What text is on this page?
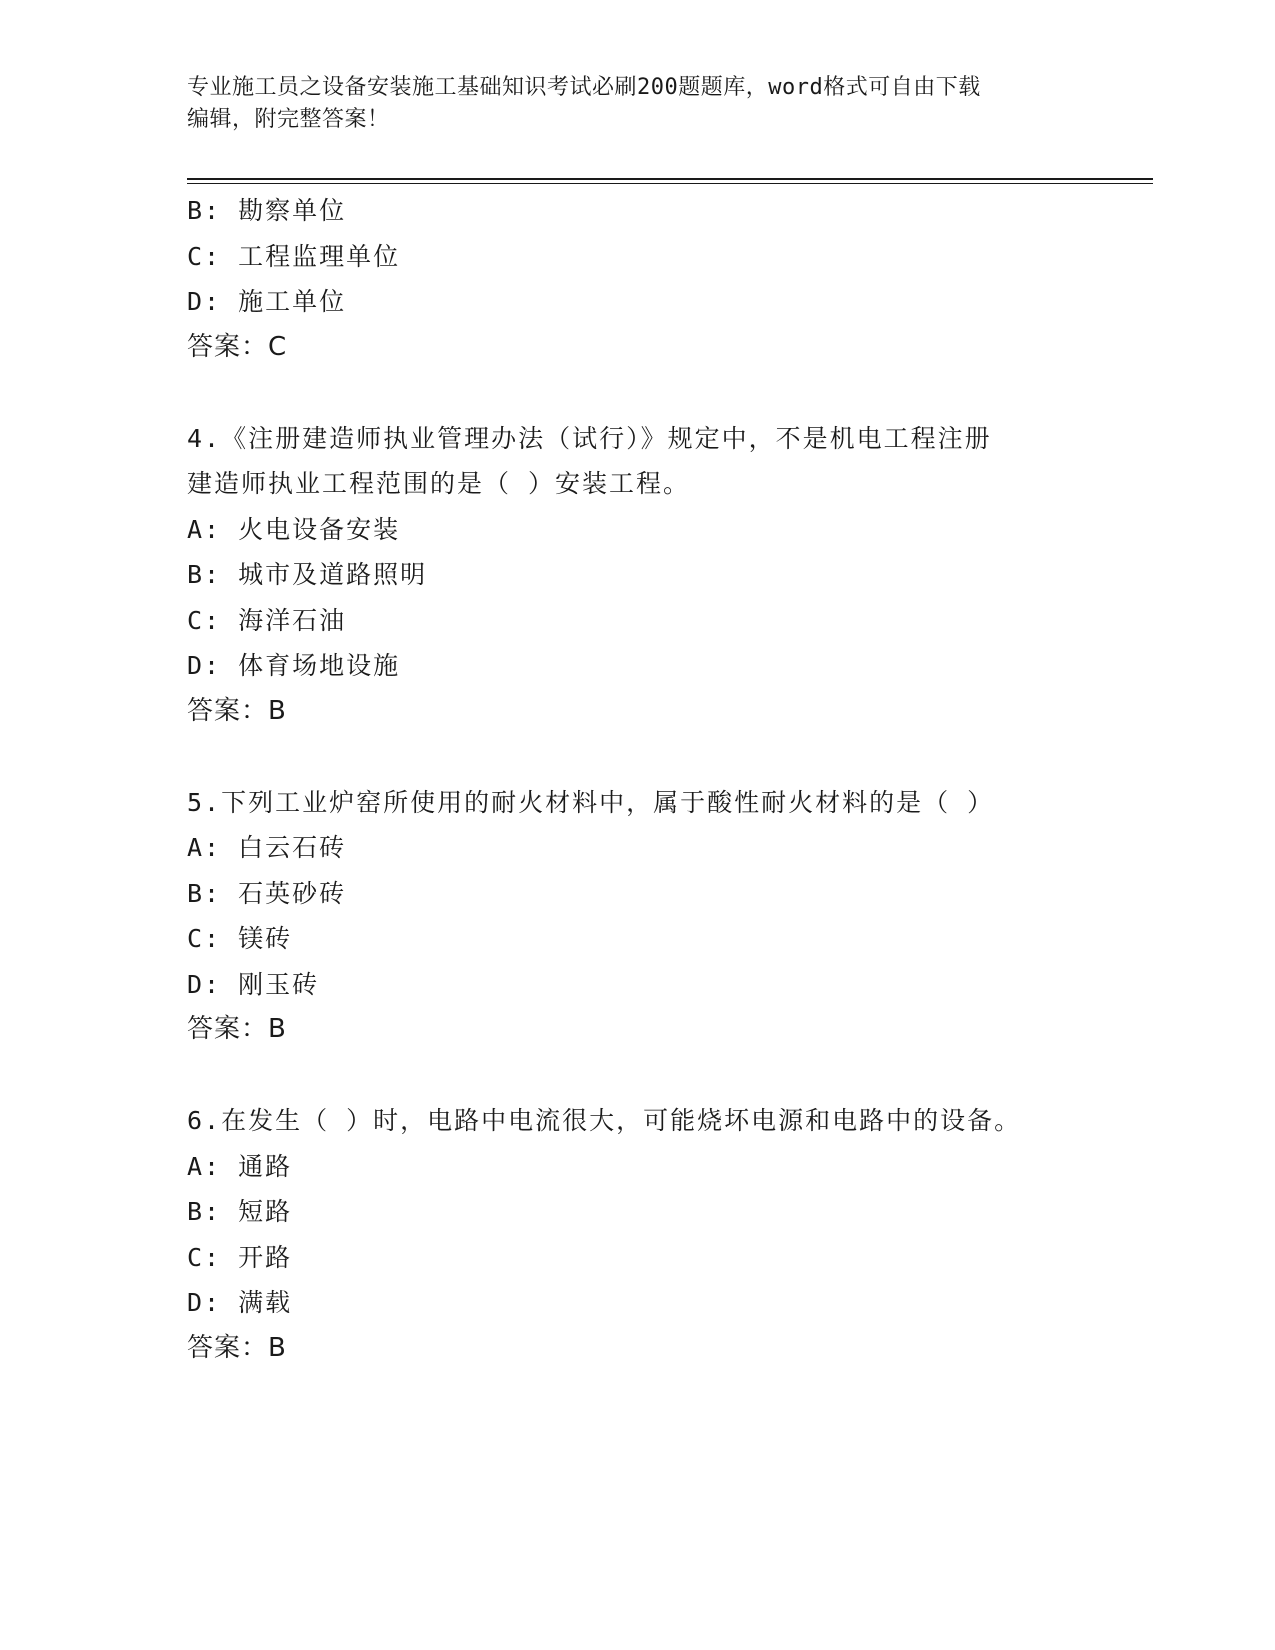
专业施工员之设备安装施工基础知识考试必刷200题题库，word格式可自由下载
编辑，附完整答案！
B: 勘察单位
C: 工程监理单位
D: 施工单位
答案：C
4.《注册建造师执业管理办法（试行）》规定中，不是机电工程注册
建造师执业工程范围的是（ ）安装工程。
A: 火电设备安装
B: 城市及道路照明
C: 海洋石油
D: 体育场地设施
答案：B
5.下列工业炉窑所使用的耐火材料中，属于酸性耐火材料的是（ ）
A: 白云石砖
B: 石英砂砖
C: 镁砖
D: 刚玉砖
答案：B
6.在发生（ ）时，电路中电流很大，可能烧坏电源和电路中的设备。
A: 通路
B: 短路
C: 开路
D: 满载
答案：B
